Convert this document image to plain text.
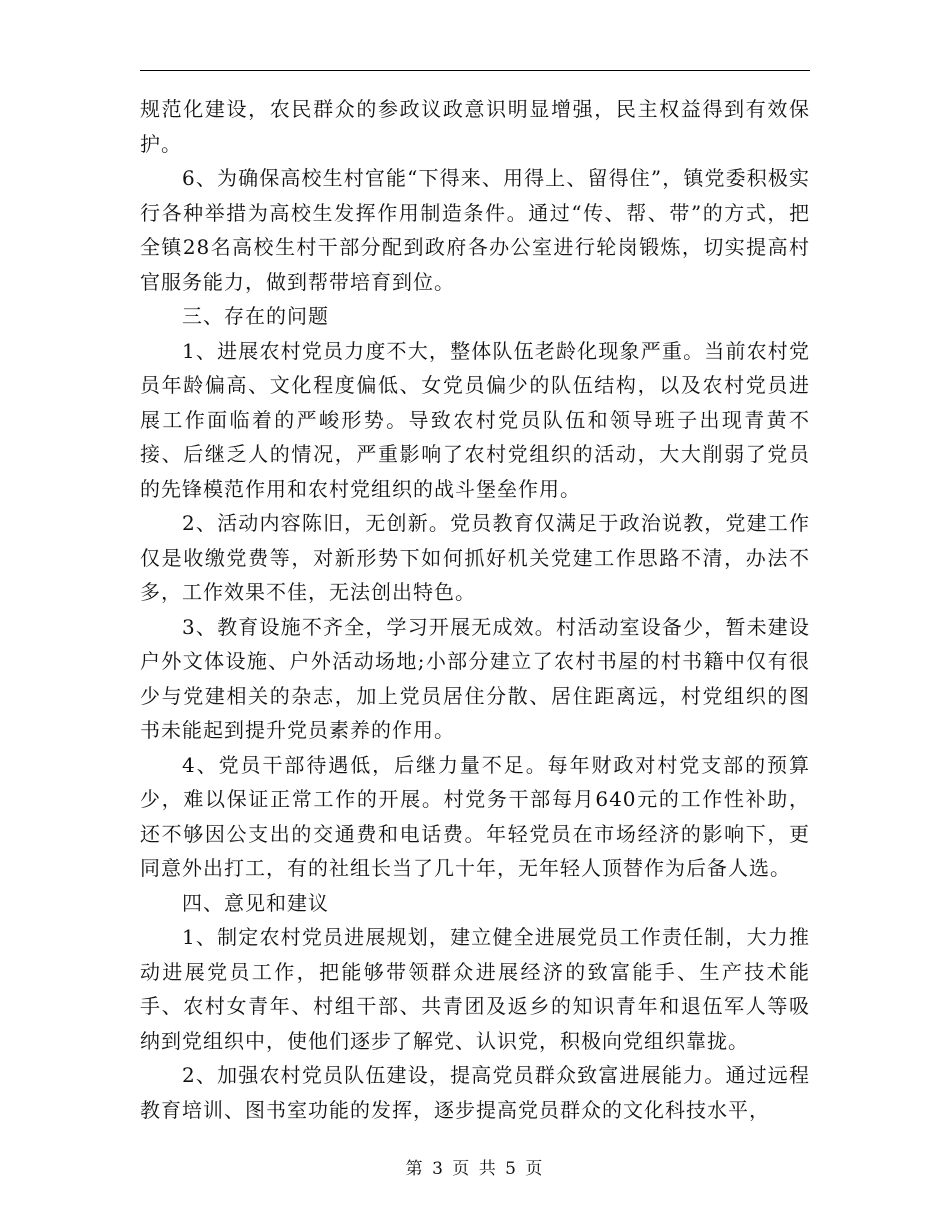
规范化建设，农民群众的参政议政意识明显增强，民主权益得到有效保护。

6、为确保高校生村官能“下得来、用得上、留得住”，镇党委积极实行各种举措为高校生发挥作用制造条件。通过“传、帮、带”的方式，把全镇28名高校生村干部分配到政府各办公室进行轮岗锻炼，切实提高村官服务能力，做到帮带培育到位。

三、存在的问题

1、进展农村党员力度不大，整体队伍老龄化现象严重。当前农村党员年龄偏高、文化程度偏低、女党员偏少的队伍结构，以及农村党员进展工作面临着的严峻形势。导致农村党员队伍和领导班子出现青黄不接、后继乏人的情况，严重影响了农村党组织的活动，大大削弱了党员的先锋模范作用和农村党组织的战斗堡垒作用。

2、活动内容陈旧，无创新。党员教育仅满足于政治说教，党建工作仅是收缴党费等，对新形势下如何抓好机关党建工作思路不清，办法不多，工作效果不佳，无法创出特色。

3、教育设施不齐全，学习开展无成效。村活动室设备少，暂未建设户外文体设施、户外活动场地;小部分建立了农村书屋的村书籍中仅有很少与党建相关的杂志，加上党员居住分散、居住距离远，村党组织的图书未能起到提升党员素养的作用。

4、党员干部待遇低，后继力量不足。每年财政对村党支部的预算少，难以保证正常工作的开展。村党务干部每月640元的工作性补助，还不够因公支出的交通费和电话费。年轻党员在市场经济的影响下，更同意外出打工，有的社组长当了几十年，无年轻人顶替作为后备人选。

四、意见和建议

1、制定农村党员进展规划，建立健全进展党员工作责任制，大力推动进展党员工作，把能够带领群众进展经济的致富能手、生产技术能手、农村女青年、村组干部、共青团及返乡的知识青年和退伍军人等吸纳到党组织中，使他们逐步了解党、认识党，积极向党组织靠拢。

2、加强农村党员队伍建设，提高党员群众致富进展能力。通过远程教育培训、图书室功能的发挥，逐步提高党员群众的文化科技水平，

第 3 页 共 5 页
